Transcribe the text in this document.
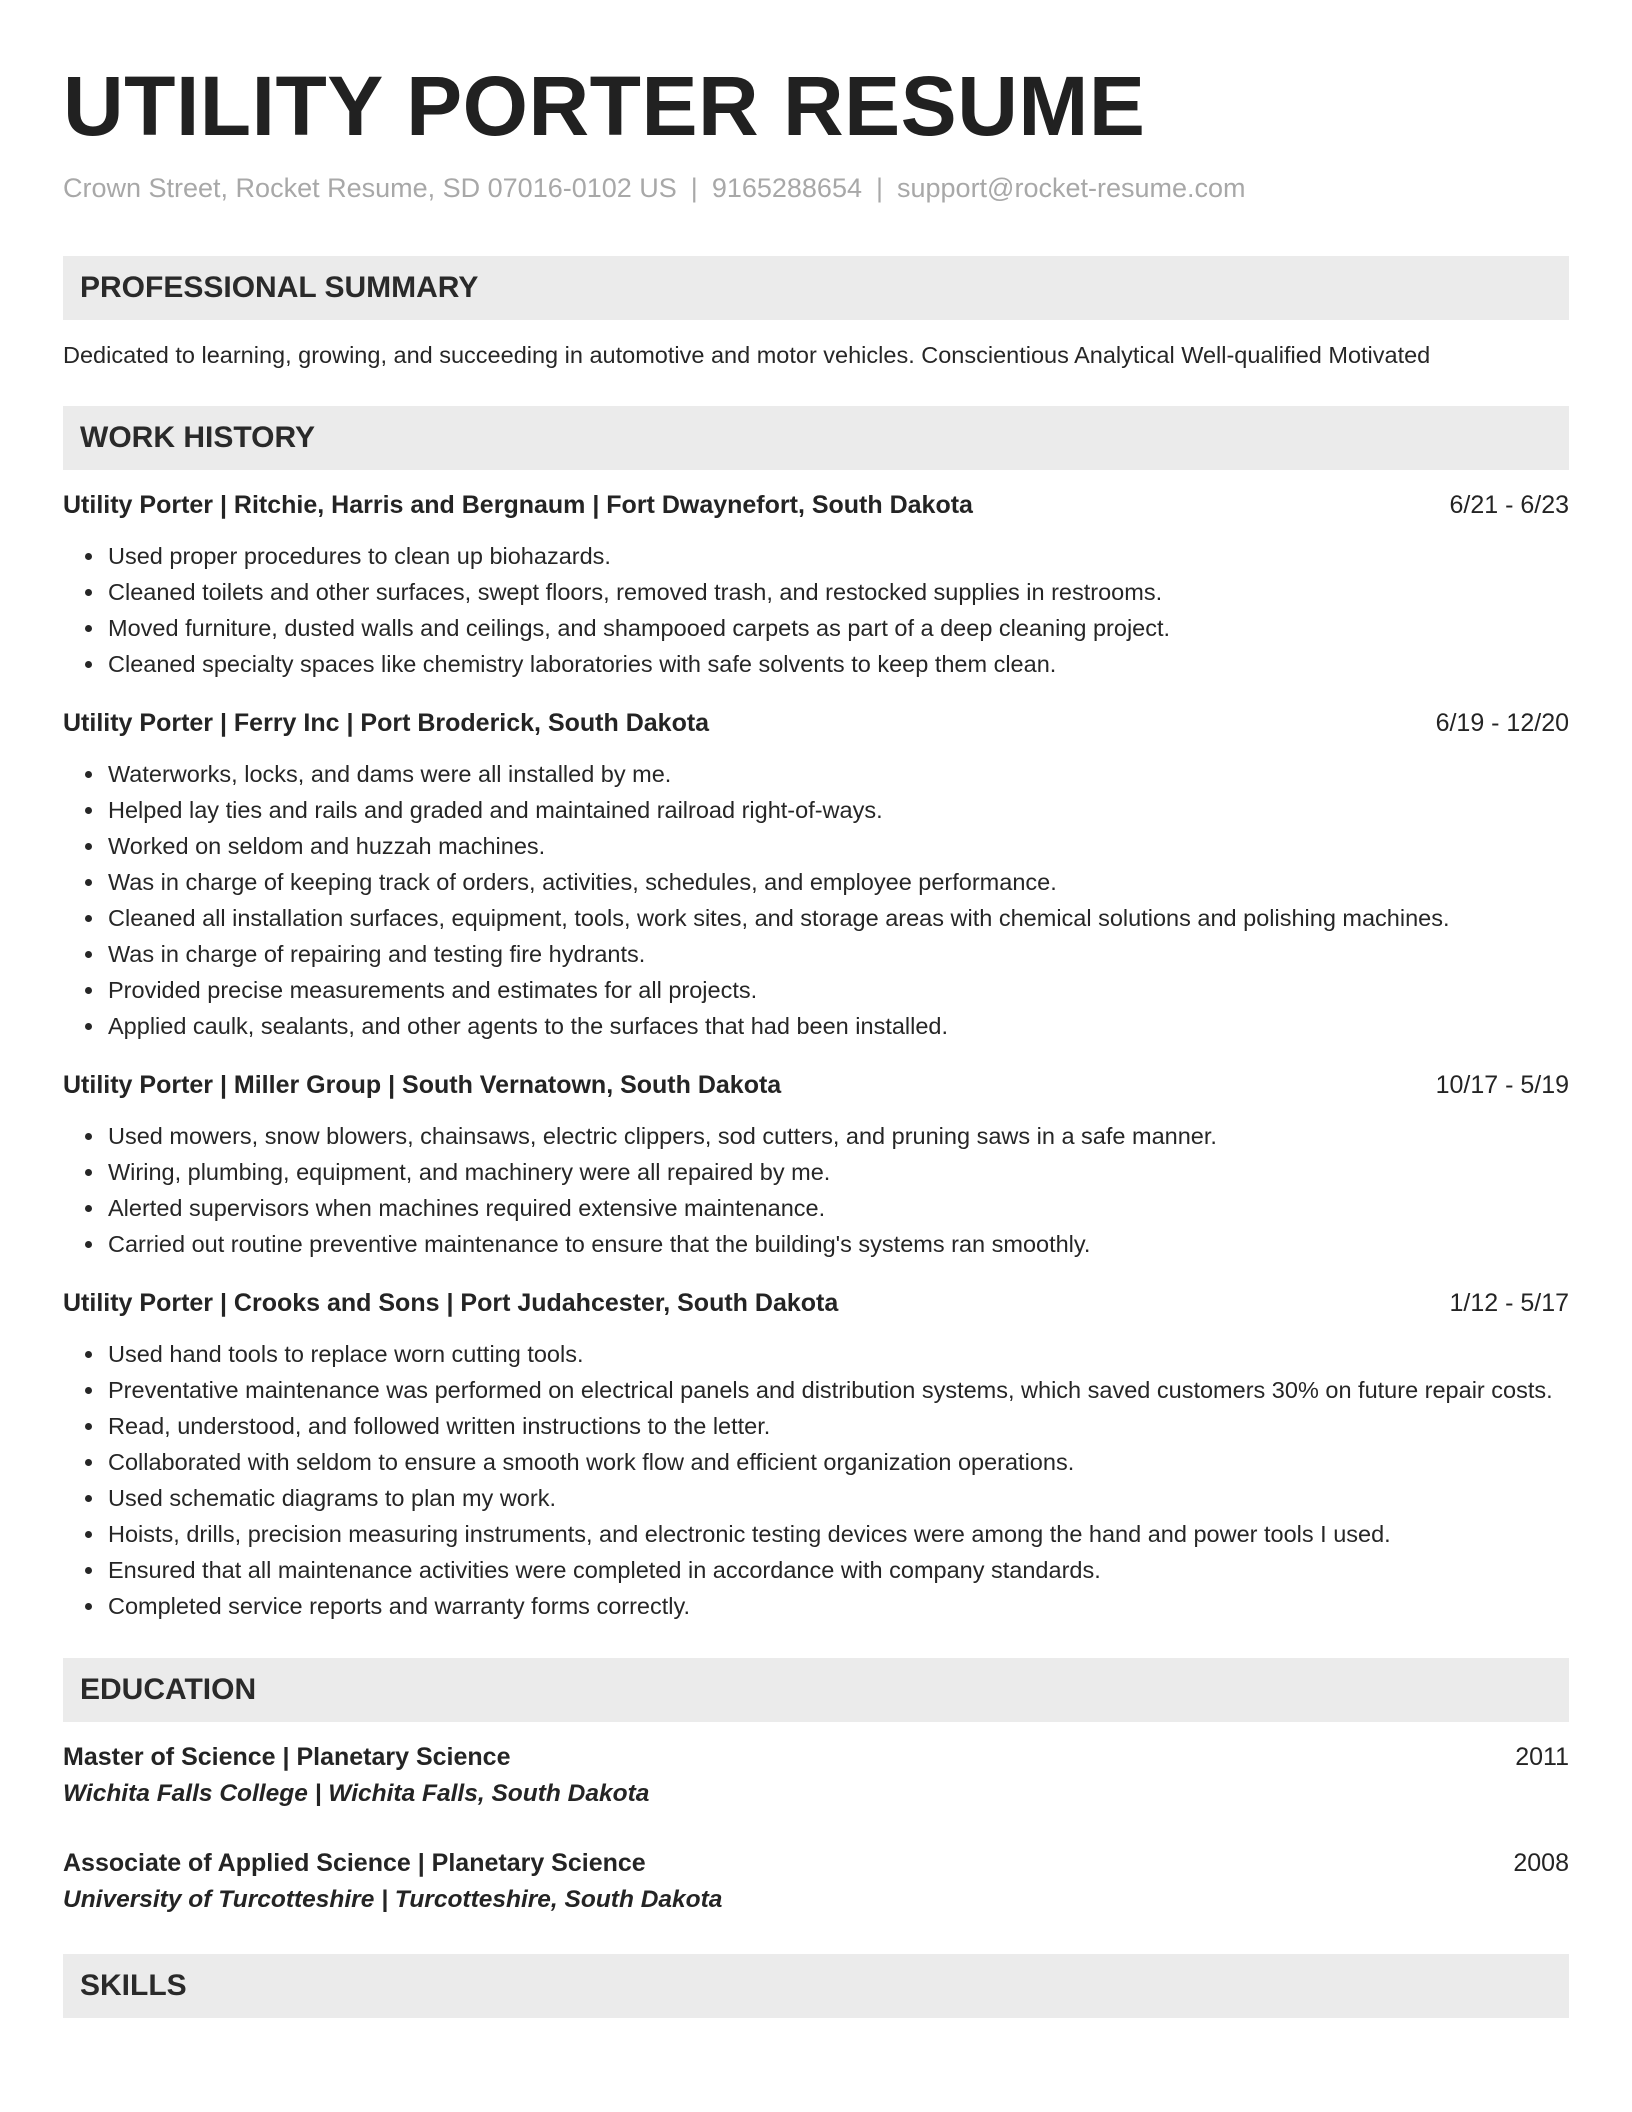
UTILITY PORTER RESUME
Crown Street, Rocket Resume, SD 07016-0102 US | 9165288654 | support@rocket-resume.com
PROFESSIONAL SUMMARY
Dedicated to learning, growing, and succeeding in automotive and motor vehicles. Conscientious Analytical Well-qualified Motivated
WORK HISTORY
Utility Porter | Ritchie, Harris and Bergnaum | Fort Dwaynefort, South Dakota	6/21 - 6/23
• Used proper procedures to clean up biohazards.
• Cleaned toilets and other surfaces, swept floors, removed trash, and restocked supplies in restrooms.
• Moved furniture, dusted walls and ceilings, and shampooed carpets as part of a deep cleaning project.
• Cleaned specialty spaces like chemistry laboratories with safe solvents to keep them clean.
Utility Porter | Ferry Inc | Port Broderick, South Dakota	6/19 - 12/20
• Waterworks, locks, and dams were all installed by me.
• Helped lay ties and rails and graded and maintained railroad right-of-ways.
• Worked on seldom and huzzah machines.
• Was in charge of keeping track of orders, activities, schedules, and employee performance.
• Cleaned all installation surfaces, equipment, tools, work sites, and storage areas with chemical solutions and polishing machines.
• Was in charge of repairing and testing fire hydrants.
• Provided precise measurements and estimates for all projects.
• Applied caulk, sealants, and other agents to the surfaces that had been installed.
Utility Porter | Miller Group | South Vernatown, South Dakota	10/17 - 5/19
• Used mowers, snow blowers, chainsaws, electric clippers, sod cutters, and pruning saws in a safe manner.
• Wiring, plumbing, equipment, and machinery were all repaired by me.
• Alerted supervisors when machines required extensive maintenance.
• Carried out routine preventive maintenance to ensure that the building's systems ran smoothly.
Utility Porter | Crooks and Sons | Port Judahcester, South Dakota	1/12 - 5/17
• Used hand tools to replace worn cutting tools.
• Preventative maintenance was performed on electrical panels and distribution systems, which saved customers 30% on future repair costs.
• Read, understood, and followed written instructions to the letter.
• Collaborated with seldom to ensure a smooth work flow and efficient organization operations.
• Used schematic diagrams to plan my work.
• Hoists, drills, precision measuring instruments, and electronic testing devices were among the hand and power tools I used.
• Ensured that all maintenance activities were completed in accordance with company standards.
• Completed service reports and warranty forms correctly.
EDUCATION
Master of Science | Planetary Science	2011
Wichita Falls College | Wichita Falls, South Dakota
Associate of Applied Science | Planetary Science	2008
University of Turcotteshire | Turcotteshire, South Dakota
SKILLS
